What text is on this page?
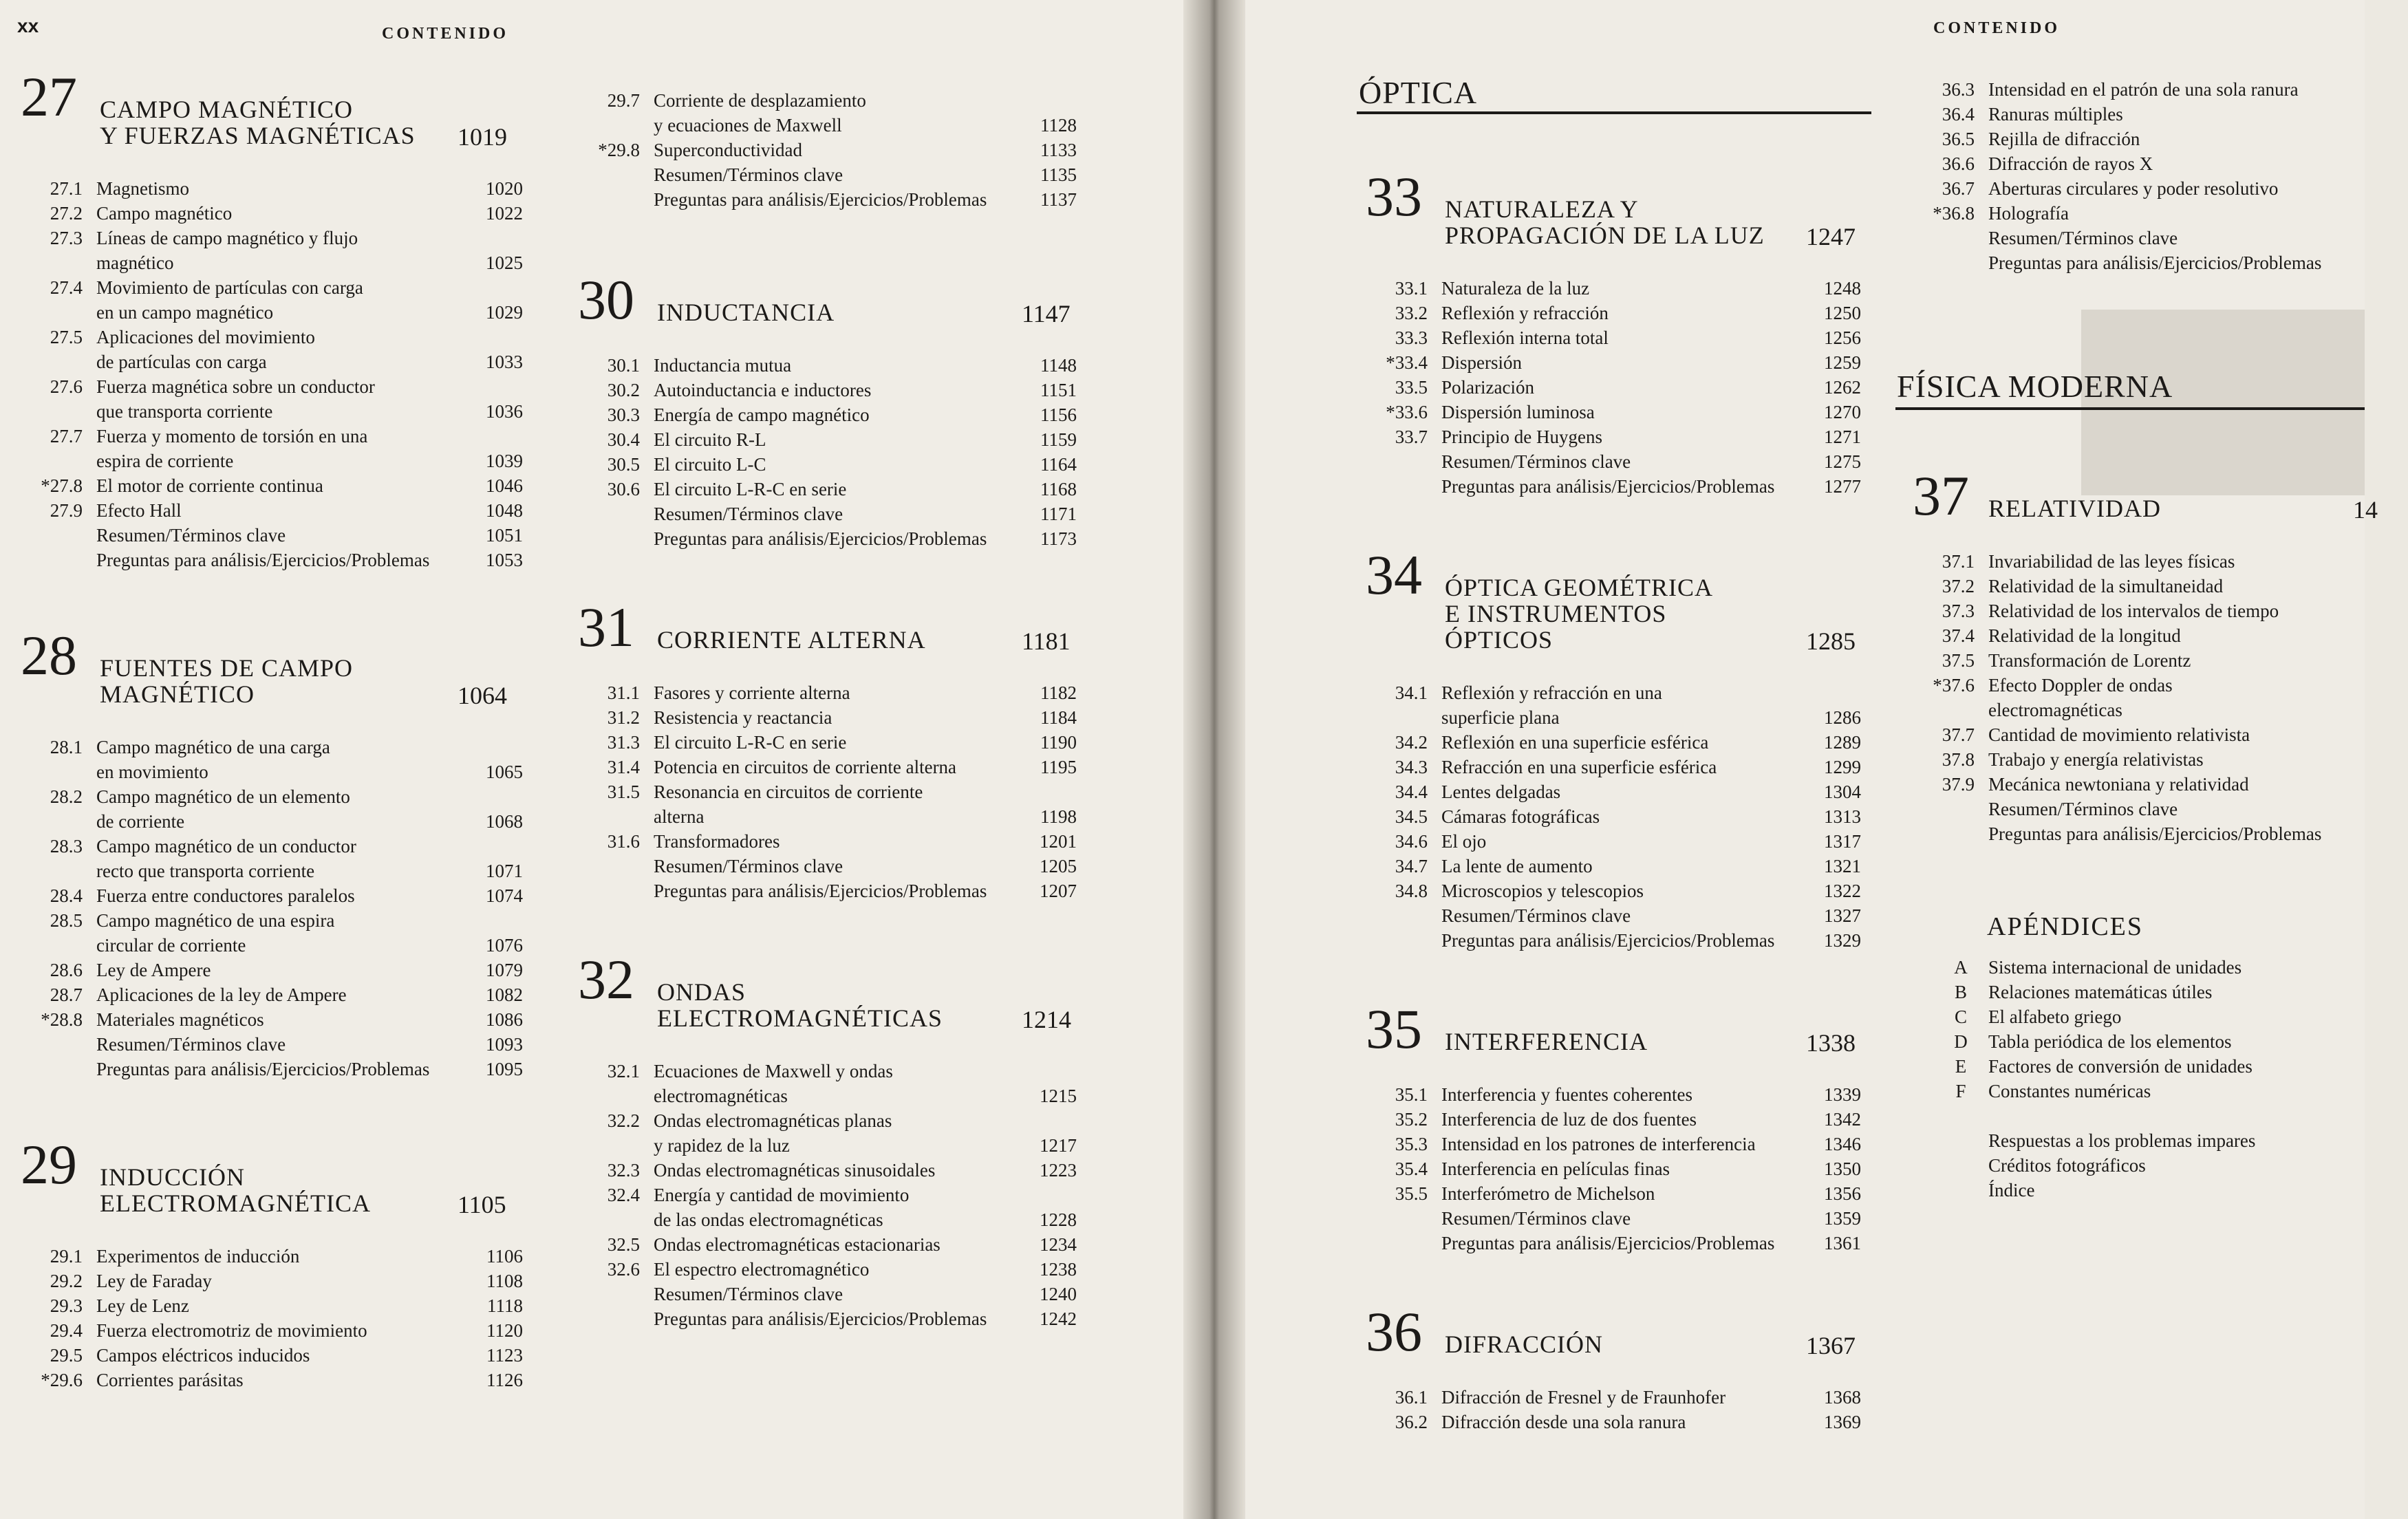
xx	CONTENIDO	CONTENIDO
27 CAMPO MAGNÉTICO
Y FUERZAS MAGNÉTICAS 1019
27.1 Magnetismo	1020
27.2 Campo magnético	1022
27.3 Líneas de campo magnético y flujo
magnético	1025
27.4 Movimiento de partículas con carga
en un campo magnético	1029
27.5 Aplicaciones del movimiento
de partículas con carga	1033
27.6 Fuerza magnética sobre un conductor
que transporta corriente	1036
27.7 Fuerza y momento de torsión en una
espira de corriente	1039
*27.8 El motor de corriente continua	1046
27.9 Efecto Hall	1048
Resumen/Términos clave	1051
Preguntas para análisis/Ejercicios/Problemas	1053
28 FUENTES DE CAMPO
MAGNÉTICO	1064
28.1 Campo magnético de una carga
en movimiento	1065
28.2 Campo magnético de un elemento
de corriente	1068
28.3 Campo magnético de un conductor
recto que transporta corriente	1071
28.4 Fuerza entre conductores paralelos	1074
28.5 Campo magnético de una espira
circular de corriente	1076
28.6 Ley de Ampere	1079
28.7 Aplicaciones de la ley de Ampere	1082
*28.8 Materiales magnéticos	1086
Resumen/Términos clave	1093
Preguntas para análisis/Ejercicios/Problemas	1095
29 INDUCCIÓN
ELECTROMAGNÉTICA	1105
29.1 Experimentos de inducción	1106
29.2 Ley de Faraday	1108
29.3 Ley de Lenz	1118
29.4 Fuerza electromotriz de movimiento	1120
29.5 Campos eléctricos inducidos	1123
*29.6 Corrientes parásitas	1126
29.7 Corriente de desplazamiento
y ecuaciones de Maxwell	1128
*29.8 Superconductividad	1133
Resumen/Términos clave	1135
Preguntas para análisis/Ejercicios/Problemas	1137
30 INDUCTANCIA	1147
30.1 Inductancia mutua	1148
30.2 Autoinductancia e inductores	1151
30.3 Energía de campo magnético	1156
30.4 El circuito R-L	1159
30.5 El circuito L-C	1164
30.6 El circuito L-R-C en serie	1168
Resumen/Términos clave	1171
Preguntas para análisis/Ejercicios/Problemas	1173
31 CORRIENTE ALTERNA	1181
31.1 Fasores y corriente alterna	1182
31.2 Resistencia y reactancia	1184
31.3 El circuito L-R-C en serie	1190
31.4 Potencia en circuitos de corriente alterna	1195
31.5 Resonancia en circuitos de corriente
alterna	1198
31.6 Transformadores	1201
Resumen/Términos clave	1205
Preguntas para análisis/Ejercicios/Problemas	1207
32 ONDAS
ELECTROMAGNÉTICAS	1214
32.1 Ecuaciones de Maxwell y ondas
electromagnéticas	1215
32.2 Ondas electromagnéticas planas
y rapidez de la luz	1217
32.3 Ondas electromagnéticas sinusoidales	1223
32.4 Energía y cantidad de movimiento
de las ondas electromagnéticas	1228
32.5 Ondas electromagnéticas estacionarias	1234
32.6 El espectro electromagnético	1238
Resumen/Términos clave	1240
Preguntas para análisis/Ejercicios/Problemas	1242
ÓPTICA
33 NATURALEZA Y
PROPAGACIÓN DE LA LUZ 1247
33.1 Naturaleza de la luz	1248
33.2 Reflexión y refracción	1250
33.3 Reflexión interna total	1256
*33.4 Dispersión	1259
33.5 Polarización	1262
*33.6 Dispersión luminosa	1270
33.7 Principio de Huygens	1271
Resumen/Términos clave	1275
Preguntas para análisis/Ejercicios/Problemas	1277
34 ÓPTICA GEOMÉTRICA
E INSTRUMENTOS
ÓPTICOS	1285
34.1 Reflexión y refracción en una
superficie plana	1286
34.2 Reflexión en una superficie esférica	1289
34.3 Refracción en una superficie esférica	1299
34.4 Lentes delgadas	1304
34.5 Cámaras fotográficas	1313
34.6 El ojo	1317
34.7 La lente de aumento	1321
34.8 Microscopios y telescopios	1322
Resumen/Términos clave	1327
Preguntas para análisis/Ejercicios/Problemas	1329
35 INTERFERENCIA	1338
35.1 Interferencia y fuentes coherentes	1339
35.2 Interferencia de luz de dos fuentes	1342
35.3 Intensidad en los patrones de interferencia	1346
35.4 Interferencia en películas finas	1350
35.5 Interferómetro de Michelson	1356
Resumen/Términos clave	1359
Preguntas para análisis/Ejercicios/Problemas	1361
36 DIFRACCIÓN	1367
36.1 Difracción de Fresnel y de Fraunhofer	1368
36.2 Difracción desde una sola ranura	1369
36.3 Intensidad en el patrón de una sola ranura
36.4 Ranuras múltiples
36.5 Rejilla de difracción
36.6 Difracción de rayos X
36.7 Aberturas circulares y poder resolutivo
*36.8 Holografía
Resumen/Términos clave
Preguntas para análisis/Ejercicios/Problemas
FÍSICA MODERNA
37 RELATIVIDAD	14
37.1 Invariabilidad de las leyes físicas
37.2 Relatividad de la simultaneidad
37.3 Relatividad de los intervalos de tiempo
37.4 Relatividad de la longitud
37.5 Transformación de Lorentz
*37.6 Efecto Doppler de ondas
electromagnéticas
37.7 Cantidad de movimiento relativista
37.8 Trabajo y energía relativistas
37.9 Mecánica newtoniana y relatividad
Resumen/Términos clave
Preguntas para análisis/Ejercicios/Problemas
APÉNDICES
A	Sistema internacional de unidades
B	Relaciones matemáticas útiles
C	El alfabeto griego
D	Tabla periódica de los elementos
E	Factores de conversión de unidades
F	Constantes numéricas
Respuestas a los problemas impares
Créditos fotográficos
Índice
